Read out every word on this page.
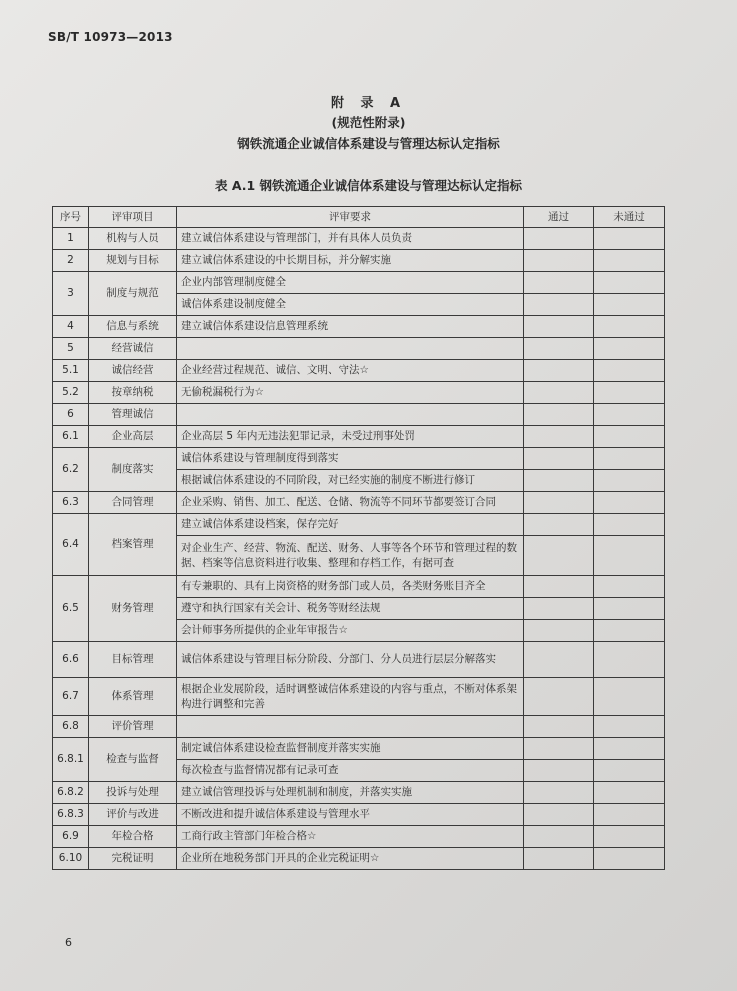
SB/T 10973—2013
附 录 A
(规范性附录)
钢铁流通企业诚信体系建设与管理达标认定指标
表 A.1 钢铁流通企业诚信体系建设与管理达标认定指标
序号	评审项目	评审要求	通过	未通过
1	机构与人员	建立诚信体系建设与管理部门，并有具体人员负责		
2	规划与目标	建立诚信体系建设的中长期目标，并分解实施		
3	制度与规范	企业内部管理制度健全		
		诚信体系建设制度健全		
4	信息与系统	建立诚信体系建设信息管理系统		
5	经营诚信			
5.1	诚信经营	企业经营过程规范、诚信、文明、守法☆		
5.2	按章纳税	无偷税漏税行为☆		
6	管理诚信			
6.1	企业高层	企业高层 5 年内无违法犯罪记录，未受过刑事处罚		
6.2	制度落实	诚信体系建设与管理制度得到落实		
		根据诚信体系建设的不同阶段，对已经实施的制度不断进行修订		
6.3	合同管理	企业采购、销售、加工、配送、仓储、物流等不同环节都要签订合同		
6.4	档案管理	建立诚信体系建设档案，保存完好		
		对企业生产、经营、物流、配送、财务、人事等各个环节和管理过程的数据、档案等信息资料进行收集、整理和存档工作，有据可查		
6.5	财务管理	有专兼职的、具有上岗资格的财务部门或人员，各类财务账目齐全		
		遵守和执行国家有关会计、税务等财经法规		
		会计师事务所提供的企业年审报告☆		
6.6	目标管理	诚信体系建设与管理目标分阶段、分部门、分人员进行层层分解落实		
6.7	体系管理	根据企业发展阶段，适时调整诚信体系建设的内容与重点，不断对体系架构进行调整和完善		
6.8	评价管理			
6.8.1	检查与监督	制定诚信体系建设检查监督制度并落实实施		
		每次检查与监督情况都有记录可查		
6.8.2	投诉与处理	建立诚信管理投诉与处理机制和制度，并落实实施		
6.8.3	评价与改进	不断改进和提升诚信体系建设与管理水平		
6.9	年检合格	工商行政主管部门年检合格☆		
6.10	完税证明	企业所在地税务部门开具的企业完税证明☆		
6
